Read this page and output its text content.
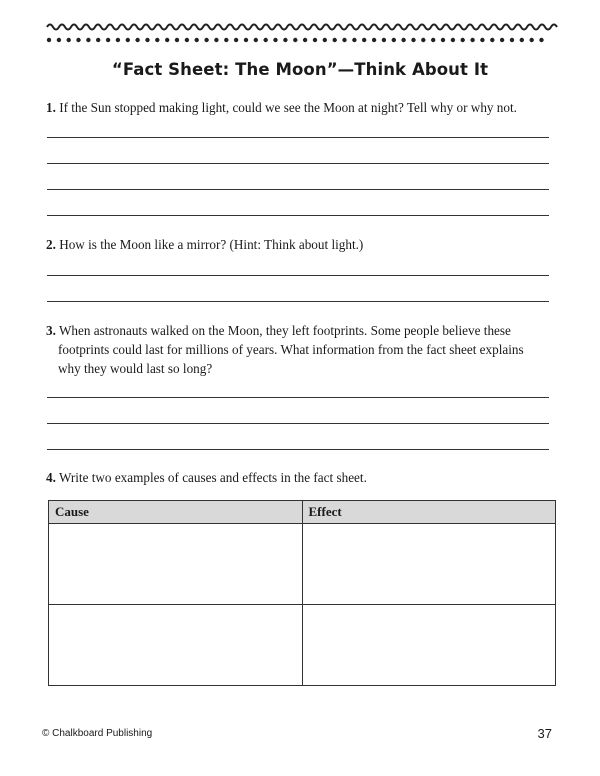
“Fact Sheet: The Moon”—Think About It
1. If the Sun stopped making light, could we see the Moon at night? Tell why or why not.
2. How is the Moon like a mirror? (Hint: Think about light.)
3. When astronauts walked on the Moon, they left footprints. Some people believe these
footprints could last for millions of years. What information from the fact sheet explains
why they would last so long?
4. Write two examples of causes and effects in the fact sheet.
Cause	Effect

© Chalkboard Publishing	37
